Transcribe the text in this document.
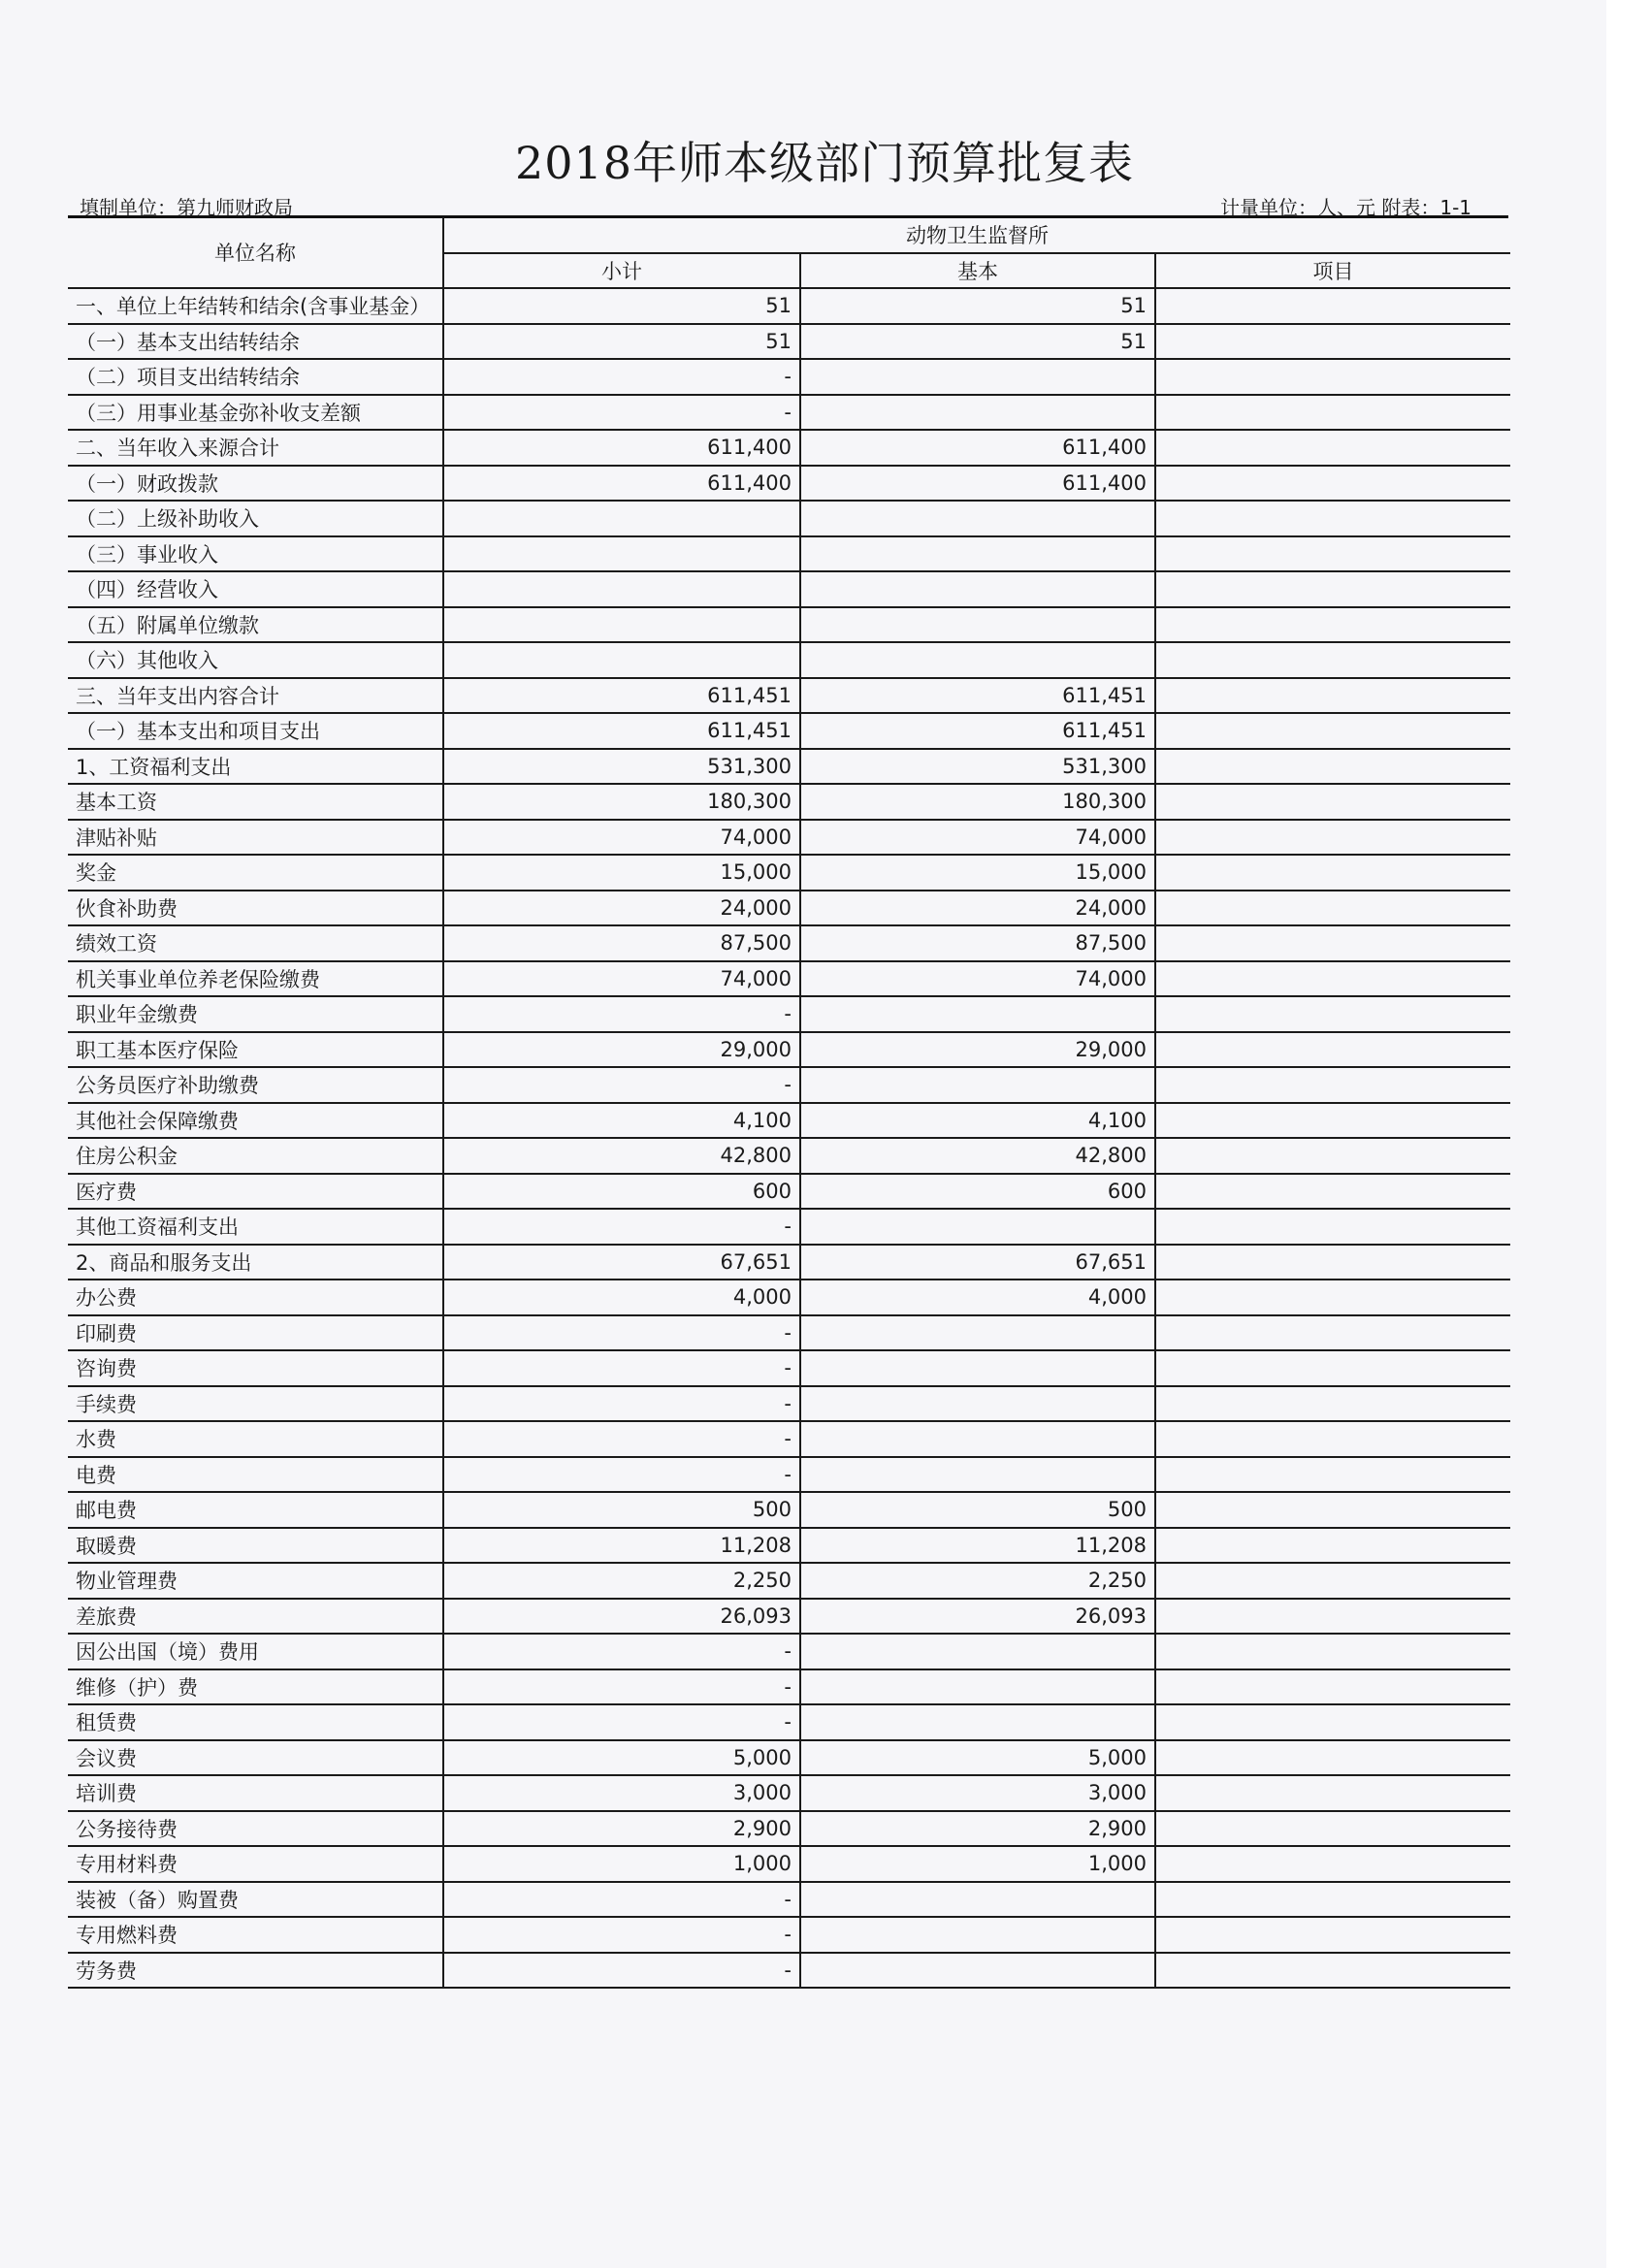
2018年师本级部门预算批复表
填制单位：第九师财政局	计量单位：人、元 附表：1-1
单位名称	动物卫生监督所		
	小计	基本	项目
一、单位上年结转和结余(含事业基金）	51	51	
（一）基本支出结转结余	51	51	
（二）项目支出结转结余	-		
（三）用事业基金弥补收支差额	-		
二、当年收入来源合计	611,400	611,400	
（一）财政拨款	611,400	611,400	
（二）上级补助收入			
（三）事业收入			
（四）经营收入			
（五）附属单位缴款			
（六）其他收入			
三、当年支出内容合计	611,451	611,451	
（一）基本支出和项目支出	611,451	611,451	
1、工资福利支出	531,300	531,300	
基本工资	180,300	180,300	
津贴补贴	74,000	74,000	
奖金	15,000	15,000	
伙食补助费	24,000	24,000	
绩效工资	87,500	87,500	
机关事业单位养老保险缴费	74,000	74,000	
职业年金缴费	-		
职工基本医疗保险	29,000	29,000	
公务员医疗补助缴费	-		
其他社会保障缴费	4,100	4,100	
住房公积金	42,800	42,800	
医疗费	600	600	
其他工资福利支出	-		
2、商品和服务支出	67,651	67,651	
办公费	4,000	4,000	
印刷费	-		
咨询费	-		
手续费	-		
水费	-		
电费	-		
邮电费	500	500	
取暖费	11,208	11,208	
物业管理费	2,250	2,250	
差旅费	26,093	26,093	
因公出国（境）费用	-		
维修（护）费	-		
租赁费	-		
会议费	5,000	5,000	
培训费	3,000	3,000	
公务接待费	2,900	2,900	
专用材料费	1,000	1,000	
装被（备）购置费	-		
专用燃料费	-		
劳务费	-		
